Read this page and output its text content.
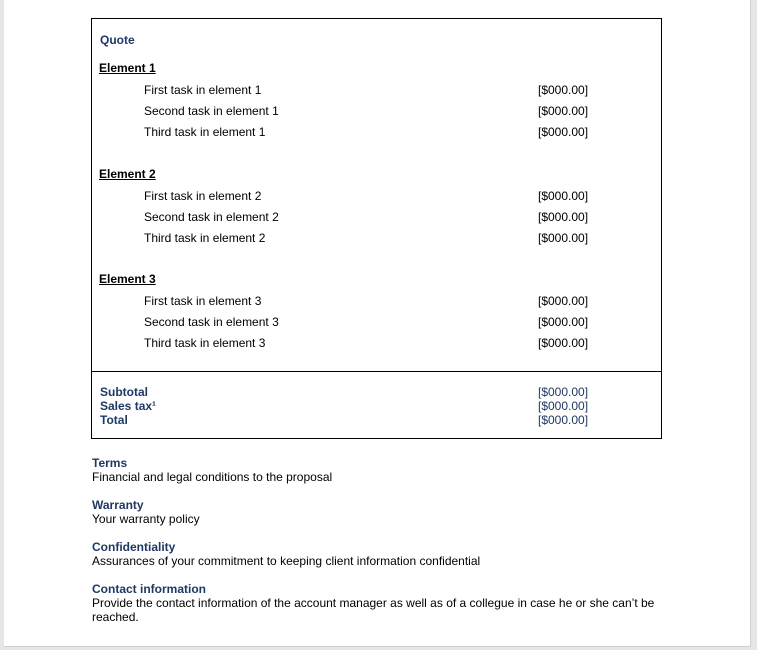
Quote
Element 1
First task in element 1	[$000.00]
Second task in element 1	[$000.00]
Third task in element 1	[$000.00]
Element 2
First task in element 2	[$000.00]
Second task in element 2	[$000.00]
Third task in element 2	[$000.00]
Element 3
First task in element 3	[$000.00]
Second task in element 3	[$000.00]
Third task in element 3	[$000.00]
Subtotal	[$000.00]
Sales tax¹	[$000.00]
Total	[$000.00]
Terms
Financial and legal conditions to the proposal
Warranty
Your warranty policy
Confidentiality
Assurances of your commitment to keeping client information confidential
Contact information
Provide the contact information of the account manager as well as of a collegue in case he or she can’t be reached.
